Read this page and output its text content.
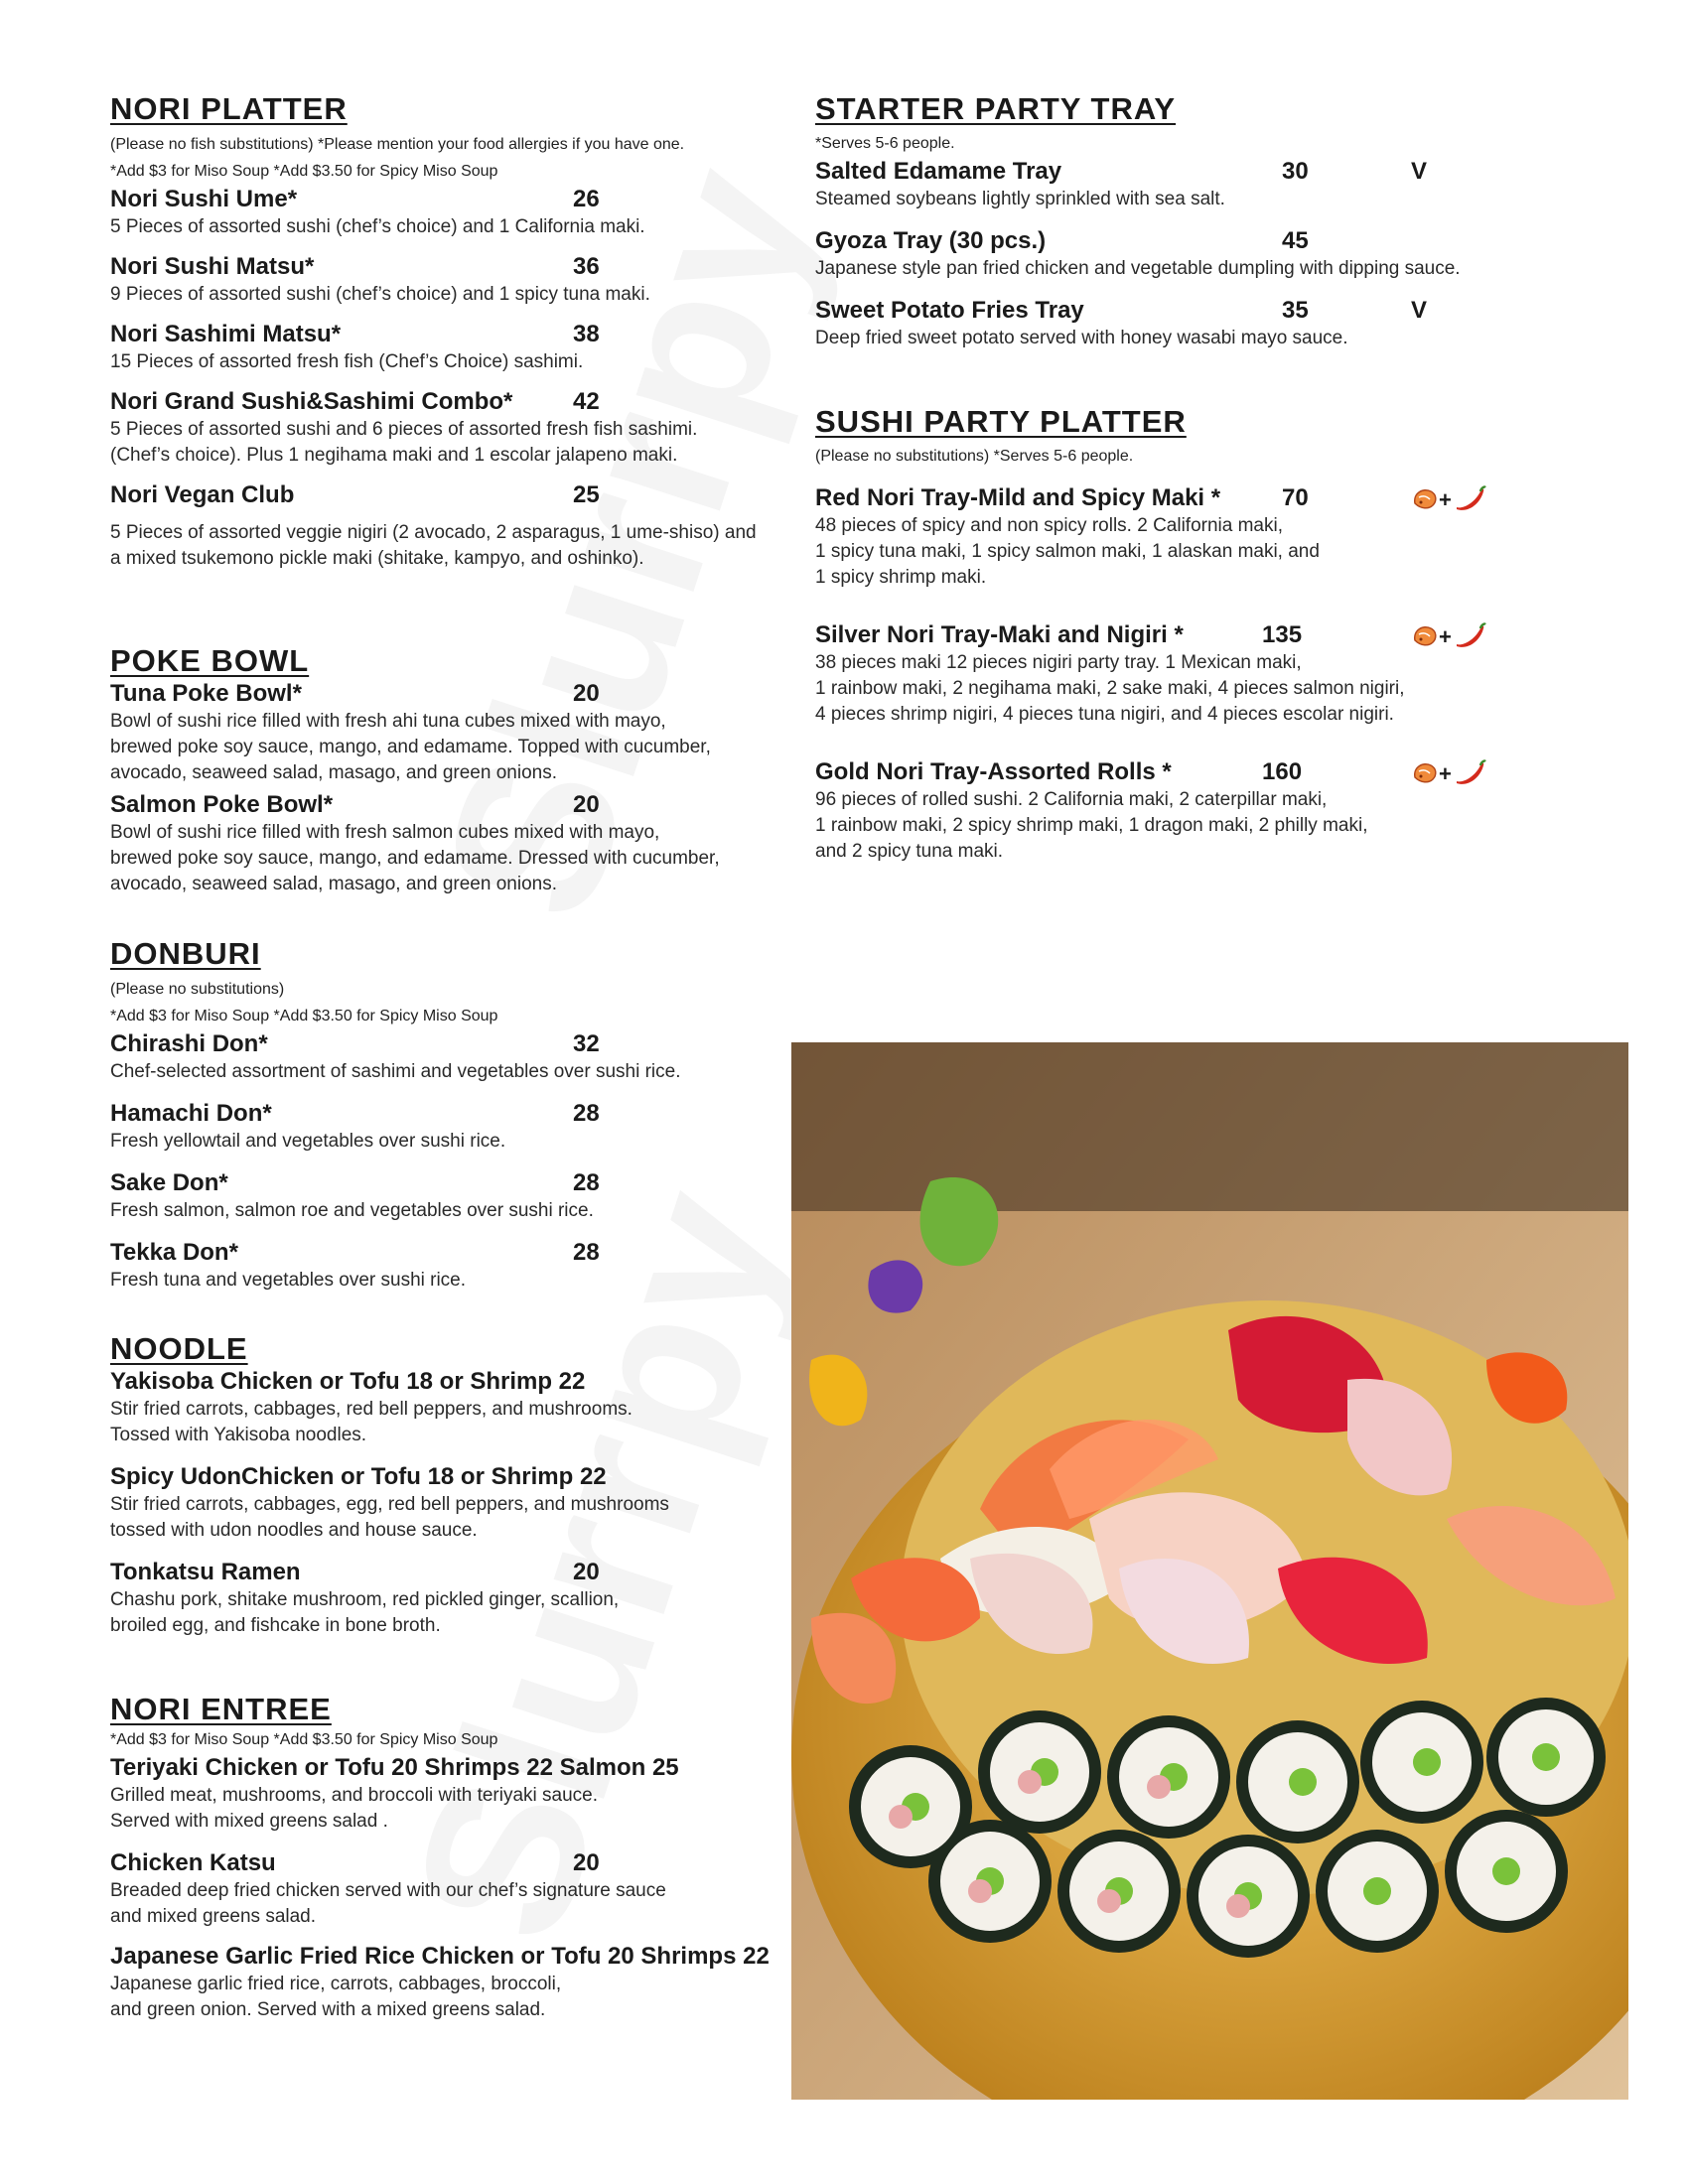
NORI PLATTER
(Please no fish substitutions) *Please mention your food allergies if you have one.
*Add $3 for Miso Soup *Add $3.50 for Spicy Miso Soup
Nori Sushi Ume*	26
5 Pieces of assorted sushi (chef’s choice) and 1 California maki.
Nori Sushi Matsu*	36
9 Pieces of assorted sushi (chef’s choice) and 1 spicy tuna maki.
Nori Sashimi Matsu*	38
15 Pieces of assorted fresh fish (Chef’s Choice) sashimi.
Nori Grand Sushi&Sashimi Combo*	42
5 Pieces of assorted sushi and 6 pieces of assorted fresh fish sashimi.
(Chef’s choice). Plus 1 negihama maki and 1 escolar jalapeno maki.
Nori Vegan Club	25
5 Pieces of assorted veggie nigiri (2 avocado, 2 asparagus, 1 ume-shiso) and
a mixed tsukemono pickle maki (shitake, kampyo, and oshinko).
POKE BOWL
Tuna Poke Bowl*	20
Bowl of sushi rice filled with fresh ahi tuna cubes mixed with mayo,
brewed poke soy sauce, mango, and edamame. Topped with cucumber,
avocado, seaweed salad, masago, and green onions.
Salmon Poke Bowl*	20
Bowl of sushi rice filled with fresh salmon cubes mixed with mayo,
brewed poke soy sauce, mango, and edamame. Dressed with cucumber,
avocado, seaweed salad, masago, and green onions.
DONBURI
(Please no substitutions)
*Add $3 for Miso Soup *Add $3.50 for Spicy Miso Soup
Chirashi Don*	32
Chef-selected assortment of sashimi and vegetables over sushi rice.
Hamachi Don*	28
Fresh yellowtail and vegetables over sushi rice.
Sake Don*	28
Fresh salmon, salmon roe and vegetables over sushi rice.
Tekka Don*	28
Fresh tuna and vegetables over sushi rice.
NOODLE
Yakisoba Chicken or Tofu 18 or Shrimp 22
Stir fried carrots, cabbages, red bell peppers, and mushrooms.
Tossed with Yakisoba noodles.
Spicy UdonChicken or Tofu 18 or Shrimp 22
Stir fried carrots, cabbages, egg, red bell peppers, and mushrooms
tossed with udon noodles and house sauce.
Tonkatsu Ramen	20
Chashu pork, shitake mushroom, red pickled ginger, scallion,
broiled egg, and fishcake in bone broth.
NORI ENTREE
*Add $3 for Miso Soup *Add $3.50 for Spicy Miso Soup
Teriyaki Chicken or Tofu 20 Shrimps 22 Salmon 25
Grilled meat, mushrooms, and broccoli with teriyaki sauce.
Served with mixed greens salad .
Chicken Katsu	20
Breaded deep fried chicken served with our chef’s signature sauce
and mixed greens salad.
Japanese Garlic Fried Rice Chicken or Tofu 20 Shrimps 22
Japanese garlic fried rice, carrots, cabbages, broccoli,
and green onion. Served with a mixed greens salad.
STARTER PARTY TRAY
*Serves 5-6 people.
Salted Edamame Tray	30	V
Steamed soybeans lightly sprinkled with sea salt.
Gyoza Tray (30 pcs.)	45
Japanese style pan fried chicken and vegetable dumpling with dipping sauce.
Sweet Potato Fries Tray	35	V
Deep fried sweet potato served with honey wasabi mayo sauce.
SUSHI PARTY PLATTER
(Please no substitutions) *Serves 5-6 people.
Red Nori Tray-Mild and Spicy Maki *	70	+
48 pieces of spicy and non spicy rolls. 2 California maki,
1 spicy tuna maki, 1 spicy salmon maki, 1 alaskan maki, and
1 spicy shrimp maki.
Silver Nori Tray-Maki and Nigiri *	135	+
38 pieces maki 12 pieces nigiri party tray. 1 Mexican maki,
1 rainbow maki, 2 negihama maki, 2 sake maki, 4 pieces salmon nigiri,
4 pieces shrimp nigiri, 4 pieces tuna nigiri, and 4 pieces escolar nigiri.
Gold Nori Tray-Assorted Rolls *	160	+
96 pieces of rolled sushi. 2 California maki, 2 caterpillar maki,
1 rainbow maki, 2 spicy shrimp maki, 1 dragon maki, 2 philly maki,
and 2 spicy tuna maki.
